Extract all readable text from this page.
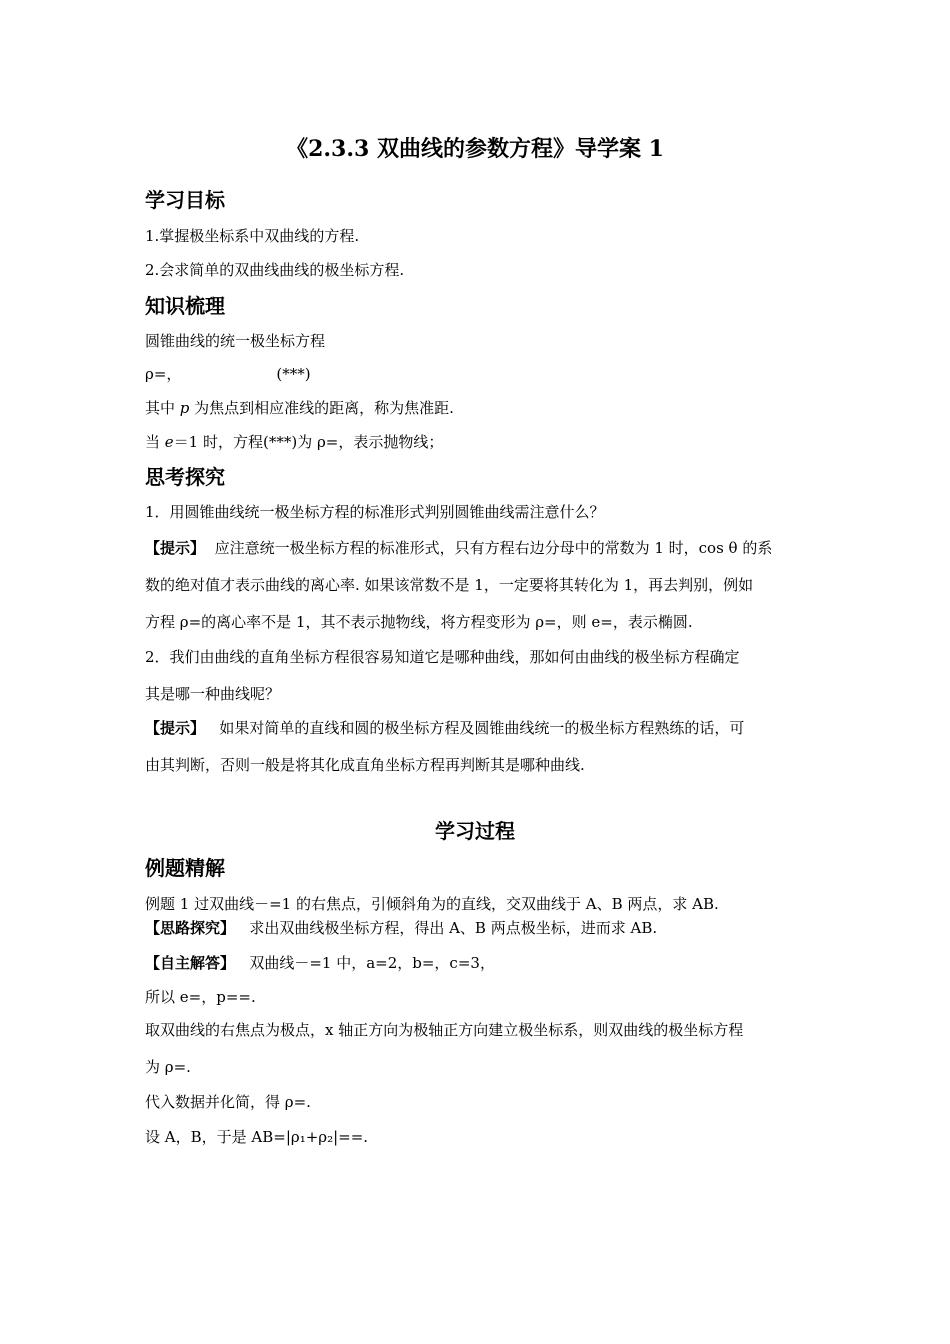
《2.3.3 双曲线的参数方程》导学案 1
学习目标
1.掌握极坐标系中双曲线的方程.
2.会求简单的双曲线曲线的极坐标方程.
知识梳理
圆锥曲线的统一极坐标方程
ρ=，	(***)
其中 p 为焦点到相应准线的距离，称为焦准距.
当 e＝1 时，方程(***)为 ρ=，表示抛物线；
思考探究
1．用圆锥曲线统一极坐标方程的标准形式判别圆锥曲线需注意什么？
【提示】 应注意统一极坐标方程的标准形式，只有方程右边分母中的常数为 1 时，cos θ 的系
数的绝对值才表示曲线的离心率. 如果该常数不是 1，一定要将其转化为 1，再去判别，例如
方程 ρ=的离心率不是 1，其不表示抛物线，将方程变形为 ρ=，则 e=，表示椭圆.
2．我们由曲线的直角坐标方程很容易知道它是哪种曲线，那如何由曲线的极坐标方程确定
其是哪一种曲线呢？
【提示】 如果对简单的直线和圆的极坐标方程及圆锥曲线统一的极坐标方程熟练的话，可
由其判断，否则一般是将其化成直角坐标方程再判断其是哪种曲线.
学习过程
例题精解
例题 1 过双曲线－=1 的右焦点，引倾斜角为的直线，交双曲线于 A、B 两点，求 AB.
【思路探究】 求出双曲线极坐标方程，得出 A、B 两点极坐标，进而求 AB.
【自主解答】 双曲线－=1 中，a=2，b=，c=3，
所以 e=，p==.
取双曲线的右焦点为极点，x 轴正方向为极轴正方向建立极坐标系，则双曲线的极坐标方程
为 ρ=.
代入数据并化简，得 ρ=.
设 A，B，于是 AB=|ρ₁+ρ₂|==.
